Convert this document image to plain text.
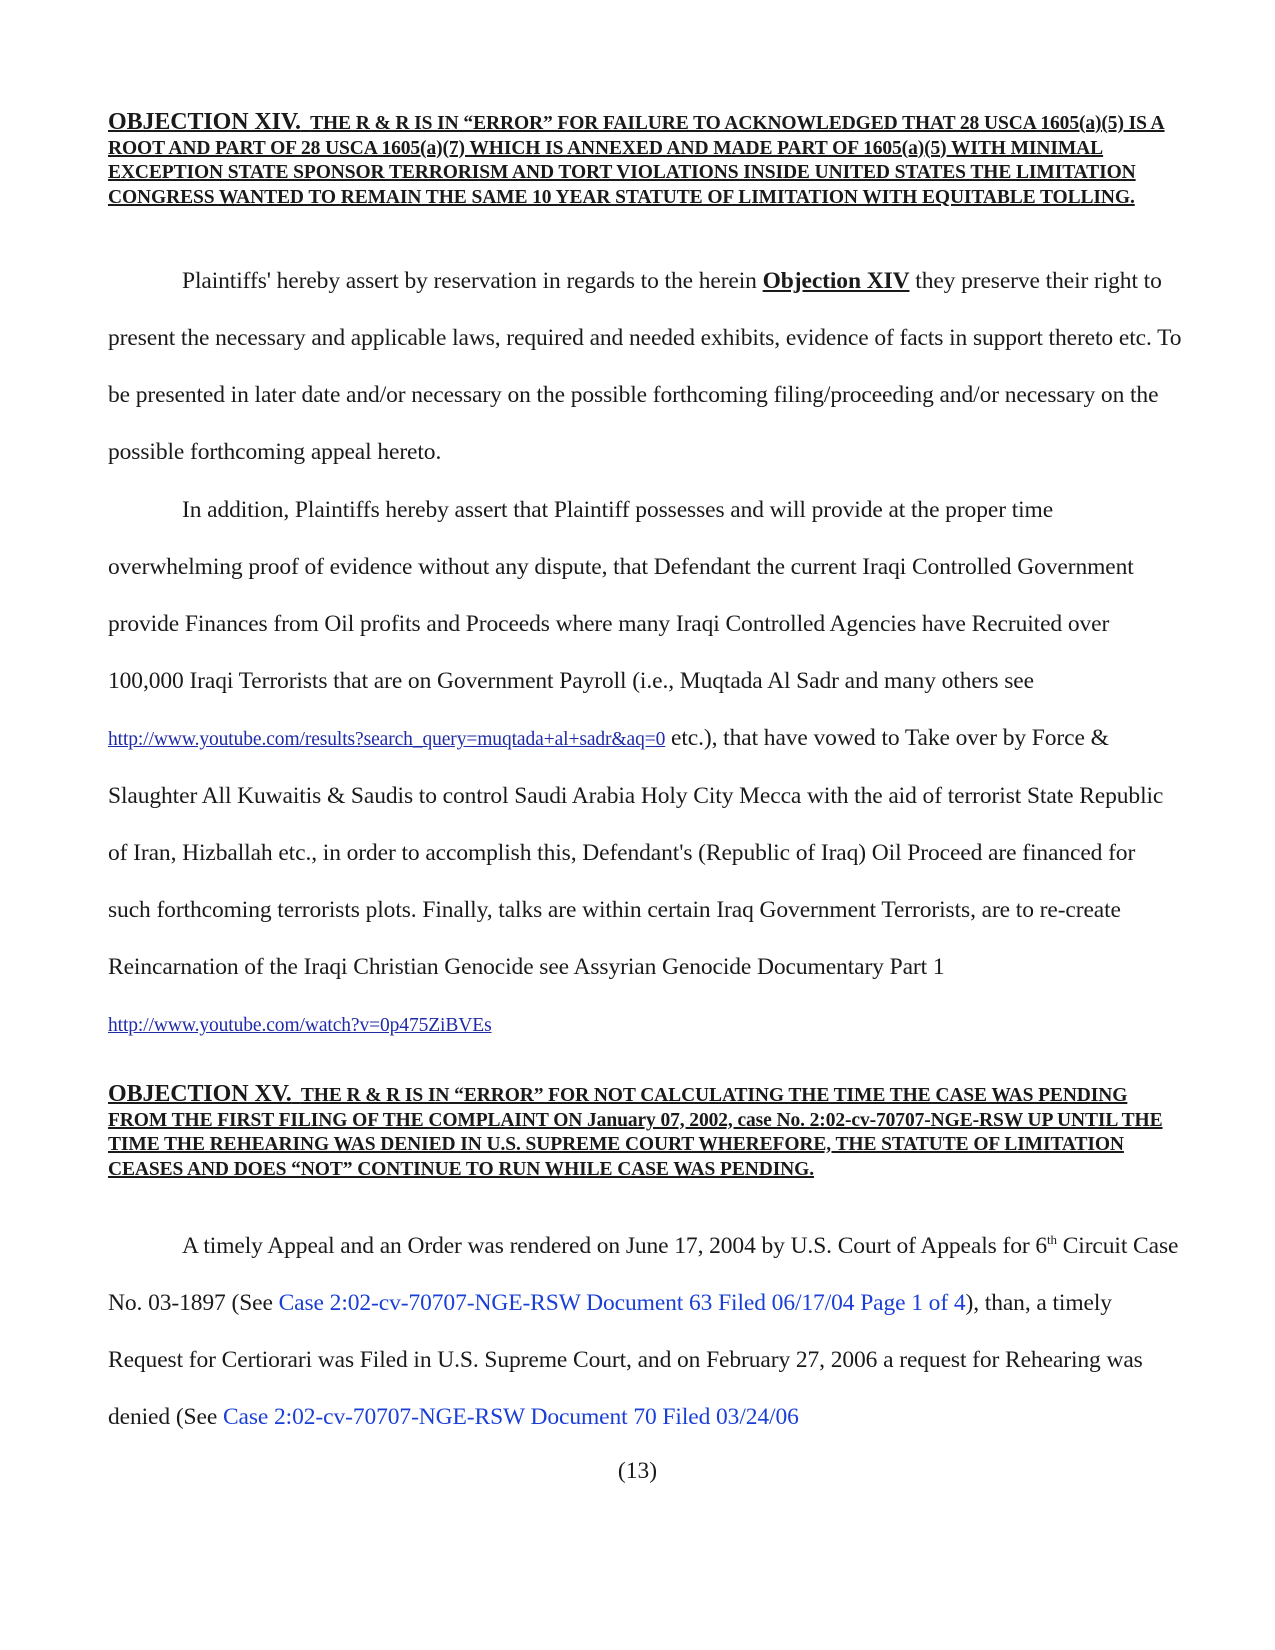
OBJECTION XIV. THE R & R IS IN “ERROR” FOR FAILURE TO ACKNOWLEDGED THAT 28 USCA 1605(a)(5) IS A ROOT AND PART OF 28 USCA 1605(a)(7) WHICH IS ANNEXED AND MADE PART OF 1605(a)(5) WITH MINIMAL EXCEPTION STATE SPONSOR TERRORISM AND TORT VIOLATIONS INSIDE UNITED STATES THE LIMITATION CONGRESS WANTED TO REMAIN THE SAME 10 YEAR STATUTE OF LIMITATION WITH EQUITABLE TOLLING.
Plaintiffs' hereby assert by reservation in regards to the herein Objection XIV they preserve their right to present the necessary and applicable laws, required and needed exhibits, evidence of facts in support thereto etc. To be presented in later date and/or necessary on the possible forthcoming filing/proceeding and/or necessary on the possible forthcoming appeal hereto.
In addition, Plaintiffs hereby assert that Plaintiff possesses and will provide at the proper time overwhelming proof of evidence without any dispute, that Defendant the current Iraqi Controlled Government provide Finances from Oil profits and Proceeds where many Iraqi Controlled Agencies have Recruited over 100,000 Iraqi Terrorists that are on Government Payroll (i.e., Muqtada Al Sadr and many others see http://www.youtube.com/results?search_query=muqtada+al+sadr&aq=0 etc.), that have vowed to Take over by Force & Slaughter All Kuwaitis & Saudis to control Saudi Arabia Holy City Mecca with the aid of terrorist State Republic of Iran, Hizballah etc., in order to accomplish this, Defendant's (Republic of Iraq) Oil Proceed are financed for such forthcoming terrorists plots. Finally, talks are within certain Iraq Government Terrorists, are to re-create Reincarnation of the Iraqi Christian Genocide see Assyrian Genocide Documentary Part 1 http://www.youtube.com/watch?v=0p475ZiBVEs
OBJECTION XV. THE R & R IS IN “ERROR” FOR NOT CALCULATING THE TIME THE CASE WAS PENDING FROM THE FIRST FILING OF THE COMPLAINT ON January 07, 2002, case No. 2:02-cv-70707-NGE-RSW UP UNTIL THE TIME THE REHEARING WAS DENIED IN U.S. SUPREME COURT WHEREFORE, THE STATUTE OF LIMITATION CEASES AND DOES “NOT” CONTINUE TO RUN WHILE CASE WAS PENDING.
A timely Appeal and an Order was rendered on June 17, 2004 by U.S. Court of Appeals for 6th Circuit Case No. 03-1897 (See Case 2:02-cv-70707-NGE-RSW Document 63 Filed 06/17/04 Page 1 of 4), than, a timely Request for Certiorari was Filed in U.S. Supreme Court, and on February 27, 2006 a request for Rehearing was denied (See Case 2:02-cv-70707-NGE-RSW Document 70 Filed 03/24/06
(13)
